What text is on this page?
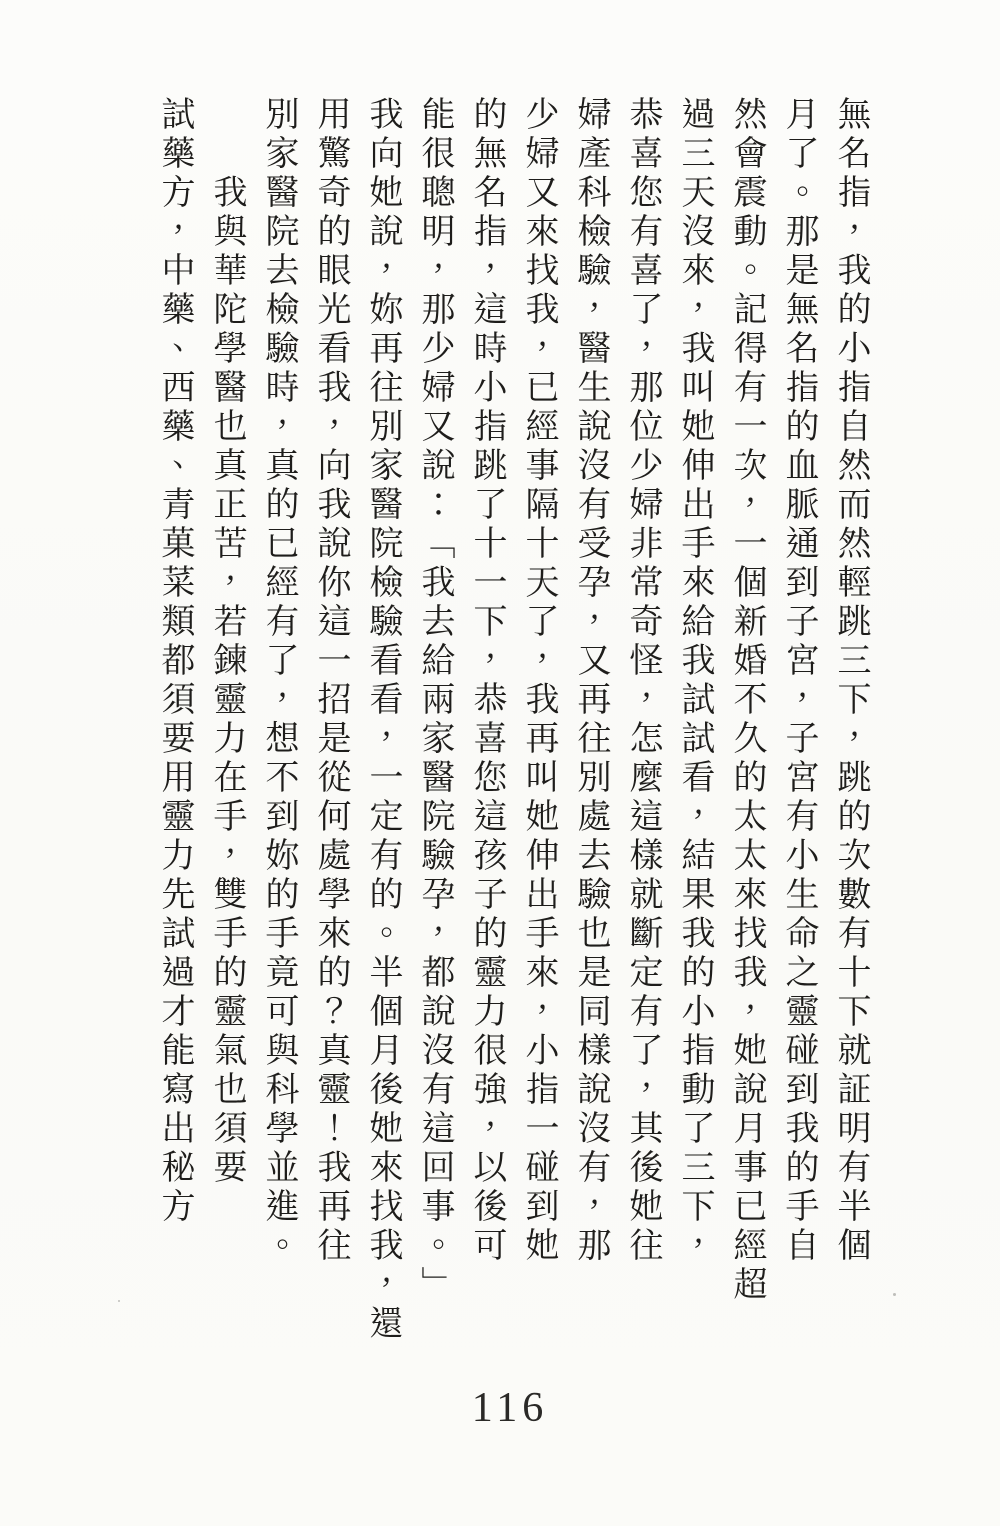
無名指，我的小指自然而然輕跳三下，跳的次數有十下就証明有半個
月了。那是無名指的血脈通到子宮，子宮有小生命之靈碰到我的手自
然會震動。記得有一次，一個新婚不久的太太來找我，她說月事已經超
過三天沒來，我叫她伸出手來給我試試看，結果我的小指動了三下，
恭喜您有喜了，那位少婦非常奇怪，怎麼這樣就斷定有了，其後她往
婦產科檢驗，醫生說沒有受孕，又再往別處去驗也是同樣說沒有，那
少婦又來找我，已經事隔十天了，我再叫她伸出手來，小指一碰到她
的無名指，這時小指跳了十一下，恭喜您這孩子的靈力很強，以後可
能很聰明，那少婦又說：「我去給兩家醫院驗孕，都說沒有這回事。」
我向她說，妳再往別家醫院檢驗看看，一定有的。半個月後她來找我，還
用驚奇的眼光看我，向我說你這一招是從何處學來的？真靈！我再往
別家醫院去檢驗時，真的已經有了，想不到妳的手竟可與科學並進。
　　我與華陀學醫也真正苦，若鍊靈力在手，雙手的靈氣也須要
試藥方，中藥、西藥、青菓菜類都須要用靈力先試過才能寫出秘方
116
